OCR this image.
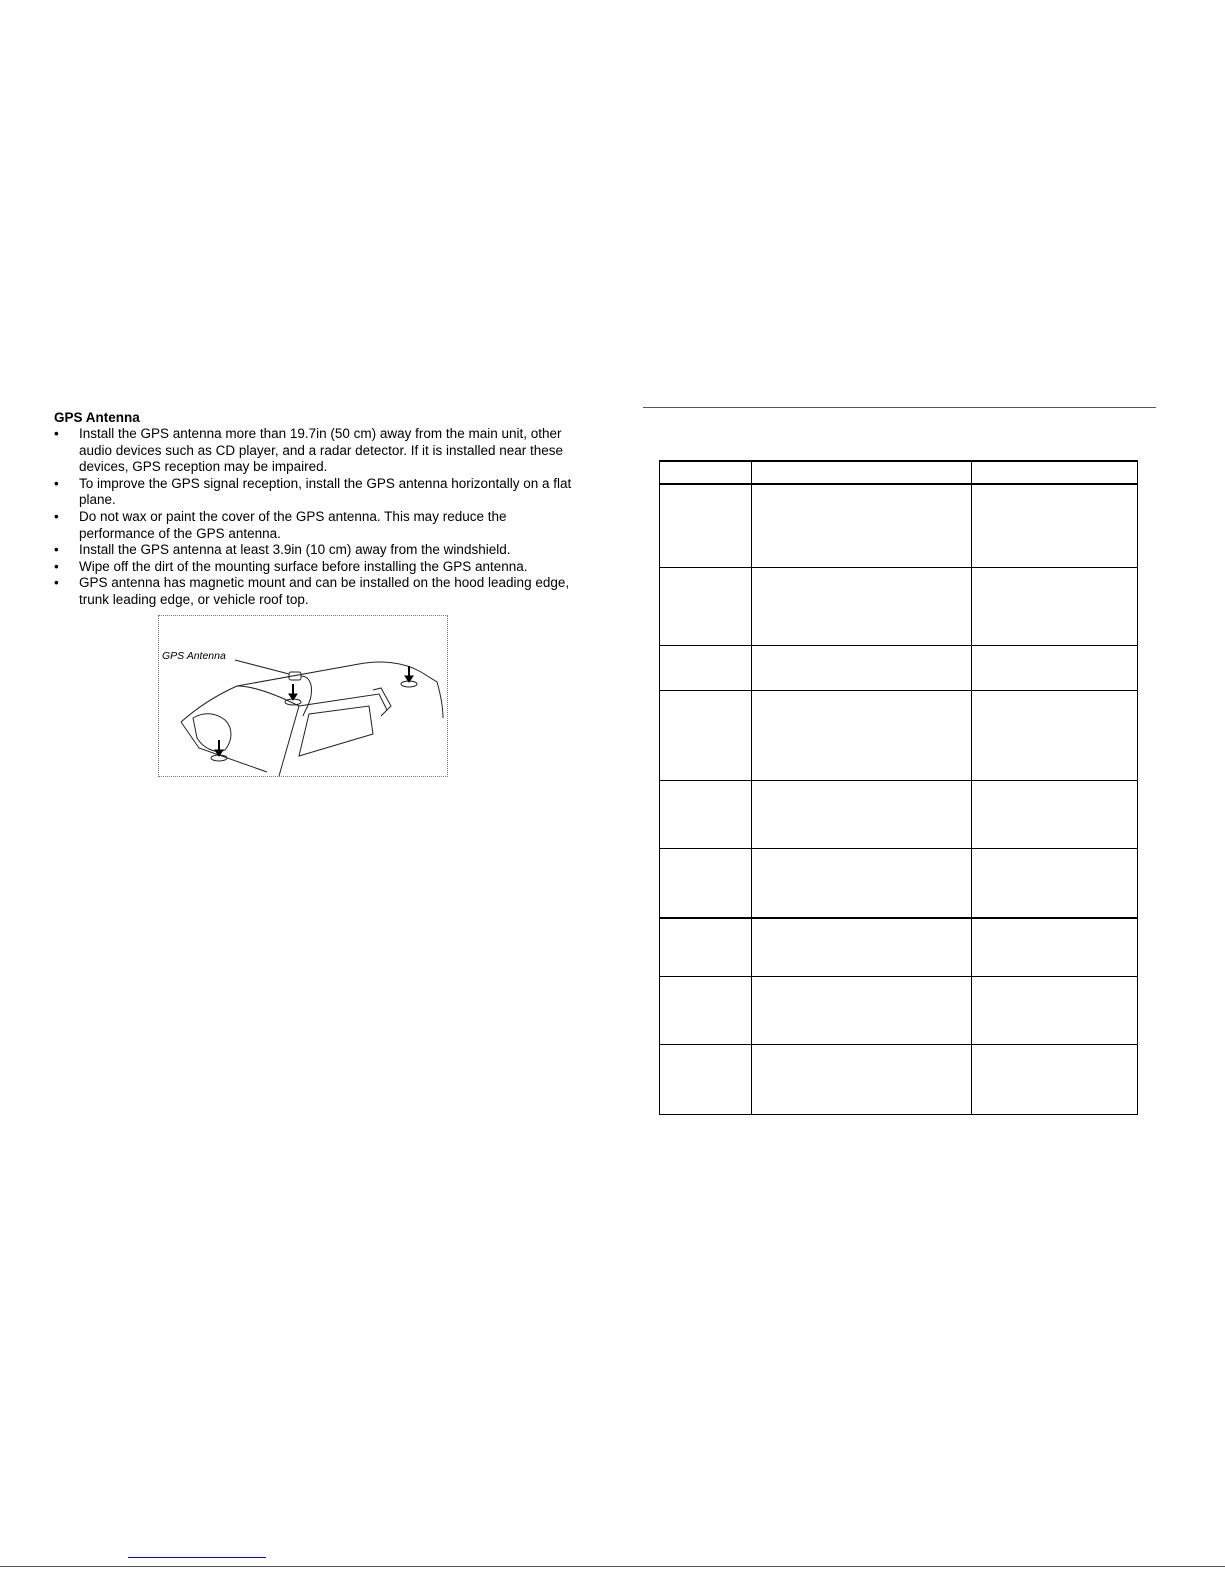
GPS Antenna

• Install the GPS antenna more than 19.7in (50 cm) away from the main unit, other audio devices such as CD player, and a radar detector. If it is installed near these devices, GPS reception may be impaired.
• To improve the GPS signal reception, install the GPS antenna horizontally on a flat plane.
• Do not wax or paint the cover of the GPS antenna. This may reduce the performance of the GPS antenna.
• Install the GPS antenna at least 3.9in (10 cm) away from the windshield.
• Wipe off the dirt of the mounting surface before installing the GPS antenna.
• GPS antenna has magnetic mount and can be installed on the hood leading edge, trunk leading edge, or vehicle roof top.
GPS Antenna
